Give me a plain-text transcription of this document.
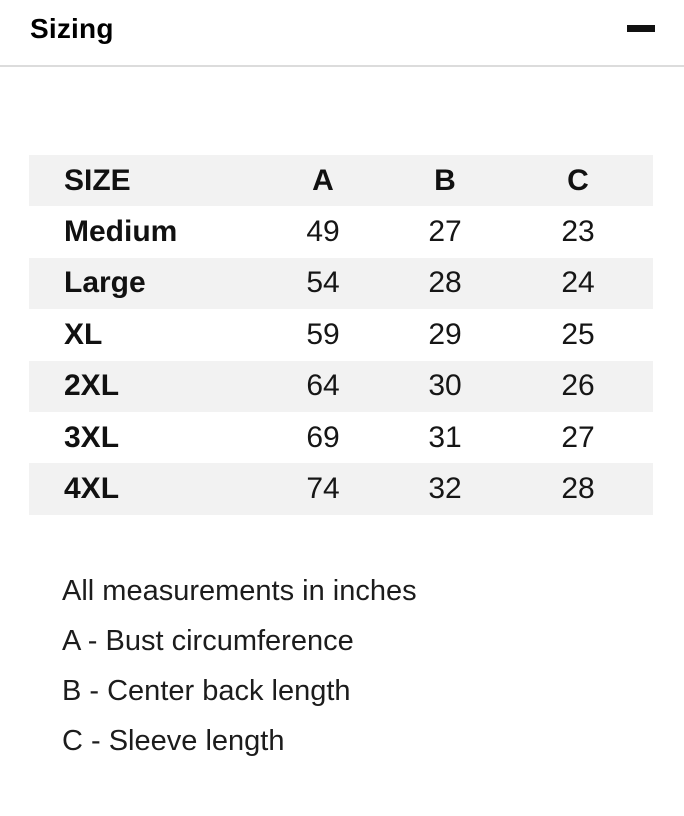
Sizing
SIZE	A	B	C
Medium	49	27	23
Large	54	28	24
XL	59	29	25
2XL	64	30	26
3XL	69	31	27
4XL	74	32	28

All measurements in inches

A - Bust circumference

B - Center back length

C - Sleeve length
